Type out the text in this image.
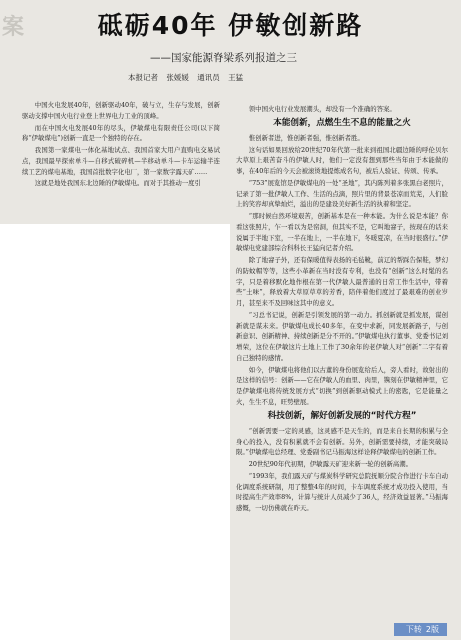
案	砥砺40年 伊敏创新路
——国家能源脊梁系列报道之三
本报记者 张媛媛 通讯员 王猛

中国火电发展40年，创新驱动40年，破与立，生存与发展，创新驱动支撑中国火电行业登上世界电力工业的顶峰。

而在中国火电发展40年的尽头，伊敏煤电有限责任公司(以下简称“伊敏煤电”)创新一直是一个独特的存在。

我国第一家煤电一体化基地试点、我国首家大用户直购电交易试点，我国最早探索单斗—自移式破碎机—半移动单斗—卡车运输半连续工艺的煤电基地，我国首批数字化电厂，第一家数字露天矿……

这就是地处我国东北边陲的伊敏煤电。而对于其推动一度引

领中国火电行业发展潮头，却没有一个准确的答案。

本能创新，点燃生生不息的能量之火

惟创新者进，惟创新者强，惟创新者胜。

这句话如果回放给20世纪70年代第一批来到祖国北疆边陲的呼伦贝尔大草原上艰苦奋斗的伊敏人时，他们一定没有想到那些当年由于本能做的事，在40年后的今天会被滚烫地提炼成名句，被后人验证、传颂、传承。

“753”展览馆是伊敏煤电的一处“圣地”，其内陈列着多张黑白老照片，记录了第一批伊敏人工作、生活的点滴，照片里的背景苍凉而荒芜，人们脸上的笑容却真挚灿烂，溢出的是建设美好新生活的执着和坚定。

“那时候白然环境艰苦，创新基本是在一种本能。为什么说是本能？你看这张照片，乍一看以为是窑洞，但其实不是，它叫地窨子，按现在的话来说属于半地下室，一半在地上，一半在地下，冬暖夏凉，在当时很盛行。”伊敏煤电党建部综合科科长王猛向记者介绍。

除了地窨子外，还有保暖值得表扬的毛毡靴，前辽的帮踩告保鞋，梦幻的防蚊帽等等，这些小革新在当时没有专利，也没有“创新”这么时髦的名字，只是着移默化地作根在第一代伊敏人最普通的日常工作生活中，带着些“土味”，释放着大草原草草的芳香，陪伴着他们度过了最艰难的创业岁月，甚至来不及回味这其中的意义。

“习总书记说，创新是引领发展的第一动力。抓创新就是抓发展，谋创新就是谋未来。伊敏煤电成长40多年，在变中求新，同发展新路子，与创新意识、创新精神、持续创新是分不开的。”伊敏煤电执行董事、党委书记刘增荣，这位在伊敏这片土地上工作了30余年的老伊敏人对“创新”二字有着自己独特的感情。

如今，伊敏煤电将他们以古董的身份展览给后人，旁人看时，故射出的是这样的信号：创新——它在伊敏人的血里、肉里，镌刻在伊敏精神里，它是伊敏煤电将传统发展方式“切换”到创新驱动模式上的密匙，它是能量之火，生生不息，旺势壁展。

科技创新，解好创新发展的“时代方程”

“创新需要一定的灵感，这灵感不是天生的，而是来自长期的积累与全身心的投入，没有积累就不会有创新。另外，创新需要持续，才能突破局限。”伊敏煤电总经理、党委副书记马振海这样诠释伊敏煤电的创新工作。

20世纪90年代初期，伊敏露天矿迎来新一轮的创新高潮。

“1993年，我们露天矿与煤炭科学研究总院抚顺分院合作进行卡车自动化调度系统研制，用了整整4年的时间，卡车调度系统才成功投入使用，当时提高生产效率8%，计算与统计人员减少了36人，经济效益显著。”马振海感慨，一切仿佛就在昨天。

下转 2版
